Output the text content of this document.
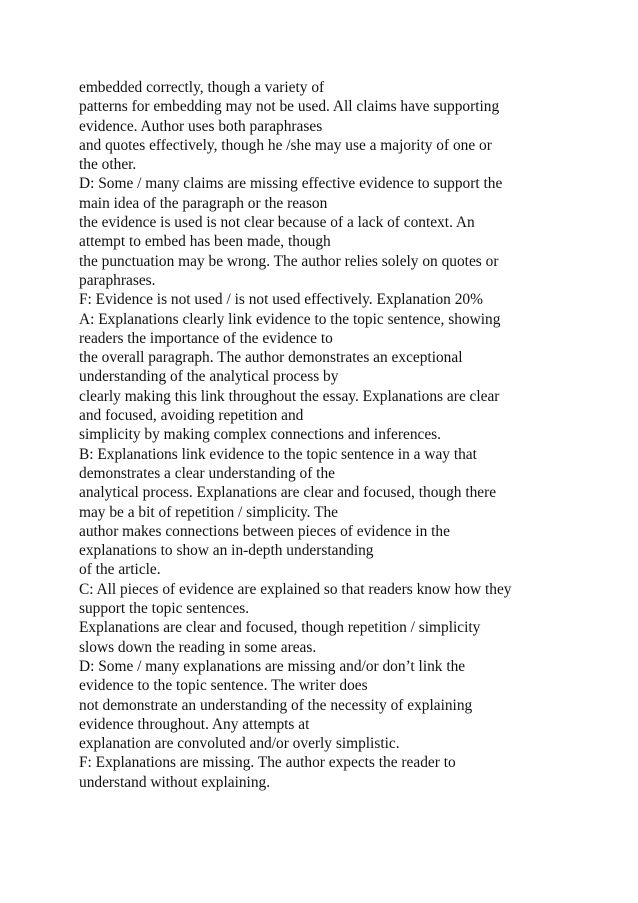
embedded correctly, though a variety of
patterns for embedding may not be used. All claims have supporting
evidence. Author uses both paraphrases
and quotes effectively, though he /she may use a majority of one or
the other.
D: Some / many claims are missing effective evidence to support the
main idea of the paragraph or the reason
the evidence is used is not clear because of a lack of context. An
attempt to embed has been made, though
the punctuation may be wrong. The author relies solely on quotes or
paraphrases.
F: Evidence is not used / is not used effectively. Explanation 20%
A: Explanations clearly link evidence to the topic sentence, showing
readers the importance of the evidence to
the overall paragraph. The author demonstrates an exceptional
understanding of the analytical process by
clearly making this link throughout the essay. Explanations are clear
and focused, avoiding repetition and
simplicity by making complex connections and inferences.
B: Explanations link evidence to the topic sentence in a way that
demonstrates a clear understanding of the
analytical process. Explanations are clear and focused, though there
may be a bit of repetition / simplicity. The
author makes connections between pieces of evidence in the
explanations to show an in-depth understanding
of the article.
C: All pieces of evidence are explained so that readers know how they
support the topic sentences.
Explanations are clear and focused, though repetition / simplicity
slows down the reading in some areas.
D: Some / many explanations are missing and/or don’t link the
evidence to the topic sentence. The writer does
not demonstrate an understanding of the necessity of explaining
evidence throughout. Any attempts at
explanation are convoluted and/or overly simplistic.
F: Explanations are missing. The author expects the reader to
understand without explaining.
